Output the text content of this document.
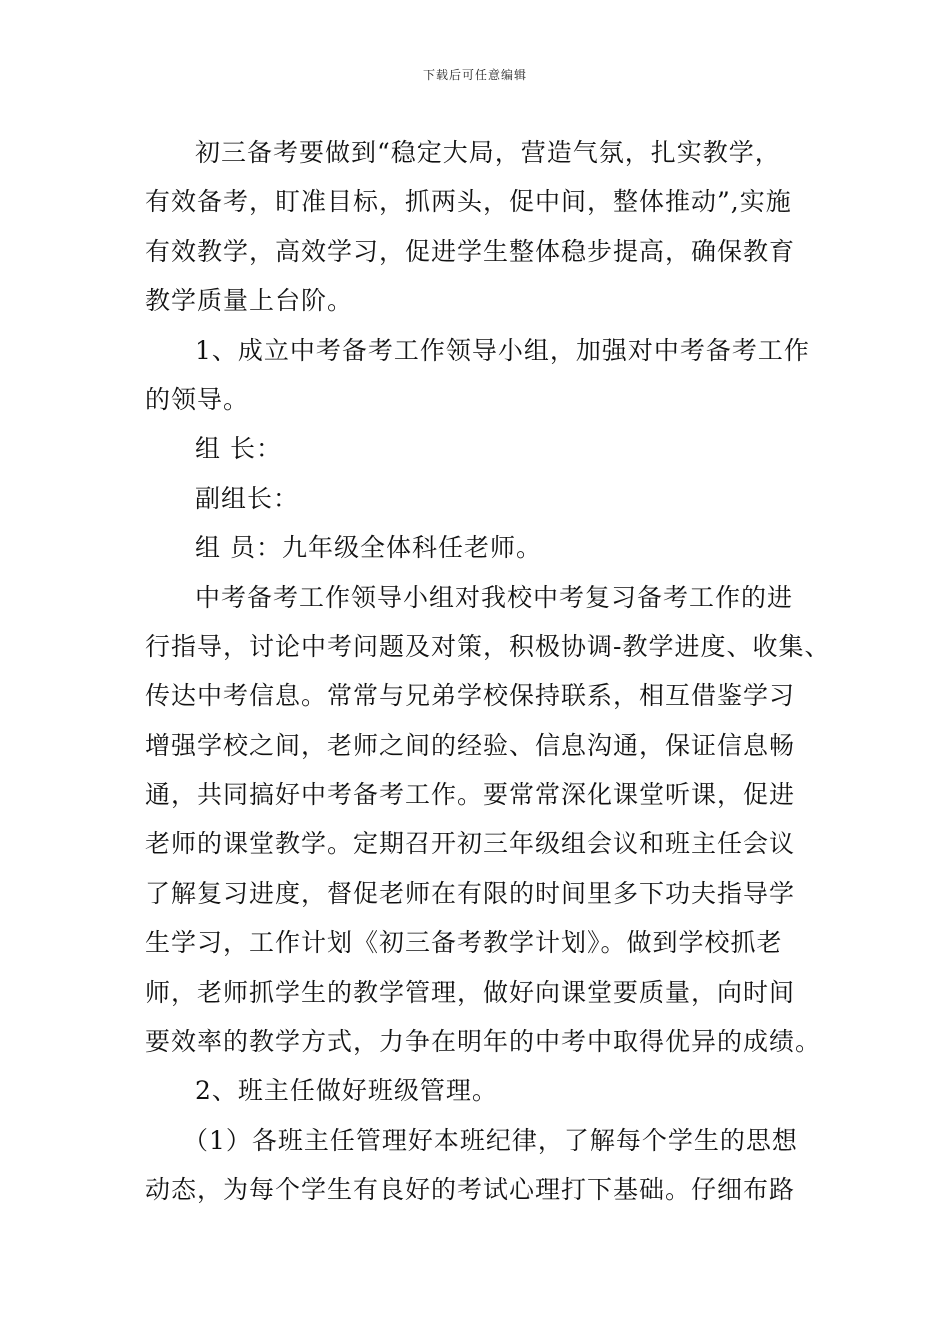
下载后可任意编辑
初三备考要做到“稳定大局，营造气氛，扎实教学，
有效备考，盯准目标，抓两头，促中间，整体推动”,实施
有效教学，高效学习，促进学生整体稳步提高，确保教育
教学质量上台阶。
1、成立中考备考工作领导小组，加强对中考备考工作
的领导。
组 长：
副组长：
组 员：九年级全体科任老师。
中考备考工作领导小组对我校中考复习备考工作的进
行指导，讨论中考问题及对策，积极协调-教学进度、收集、
传达中考信息。常常与兄弟学校保持联系，相互借鉴学习
增强学校之间，老师之间的经验、信息沟通，保证信息畅
通，共同搞好中考备考工作。要常常深化课堂听课，促进
老师的课堂教学。定期召开初三年级组会议和班主任会议
了解复习进度，督促老师在有限的时间里多下功夫指导学
生学习，工作计划《初三备考教学计划》。做到学校抓老
师，老师抓学生的教学管理，做好向课堂要质量，向时间
要效率的教学方式，力争在明年的中考中取得优异的成绩。
2、班主任做好班级管理。
（1）各班主任管理好本班纪律，了解每个学生的思想
动态，为每个学生有良好的考试心理打下基础。仔细布路
